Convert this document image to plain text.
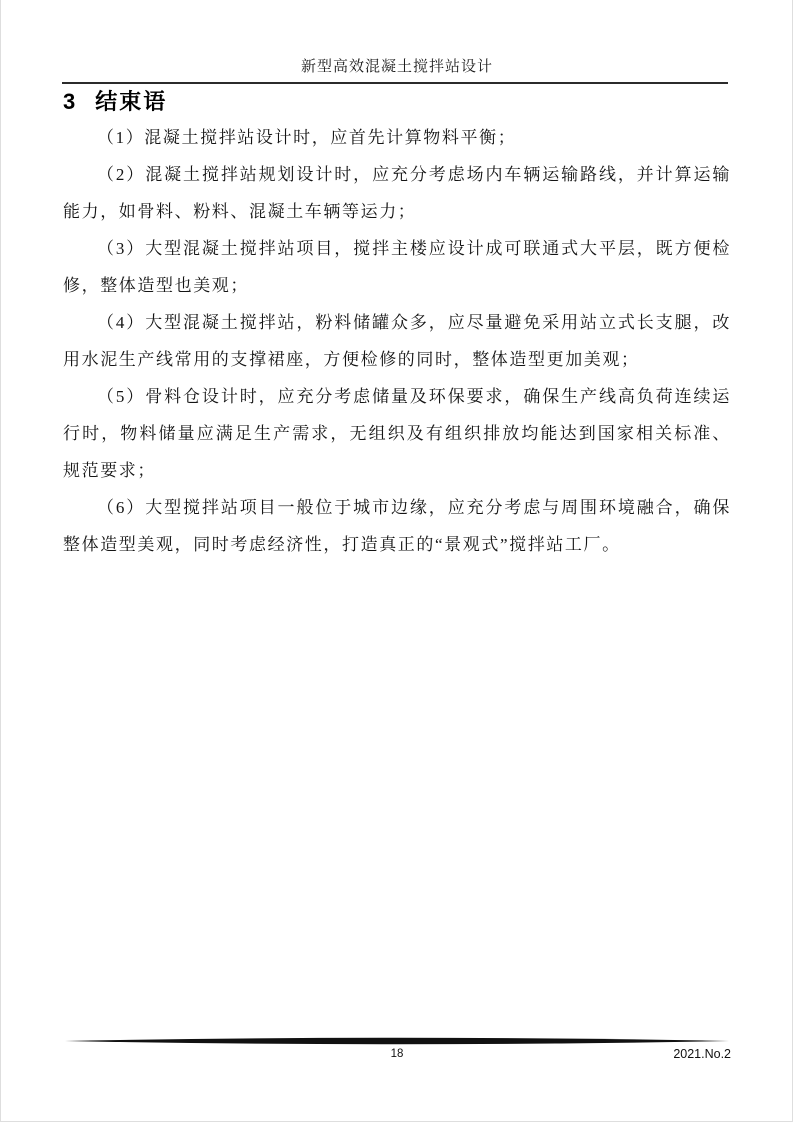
新型高效混凝土搅拌站设计
3 结束语

（1）混凝土搅拌站设计时，应首先计算物料平衡；

（2）混凝土搅拌站规划设计时，应充分考虑场内车辆运输路线，并计算运输能力，如骨料、粉料、混凝土车辆等运力；

（3）大型混凝土搅拌站项目，搅拌主楼应设计成可联通式大平层，既方便检修，整体造型也美观；

（4）大型混凝土搅拌站，粉料储罐众多，应尽量避免采用站立式长支腿，改用水泥生产线常用的支撑裙座，方便检修的同时，整体造型更加美观；

（5）骨料仓设计时，应充分考虑储量及环保要求，确保生产线高负荷连续运行时，物料储量应满足生产需求，无组织及有组织排放均能达到国家相关标准、规范要求；

（6）大型搅拌站项目一般位于城市边缘，应充分考虑与周围环境融合，确保整体造型美观，同时考虑经济性，打造真正的“景观式”搅拌站工厂。

18	2021.No.2
